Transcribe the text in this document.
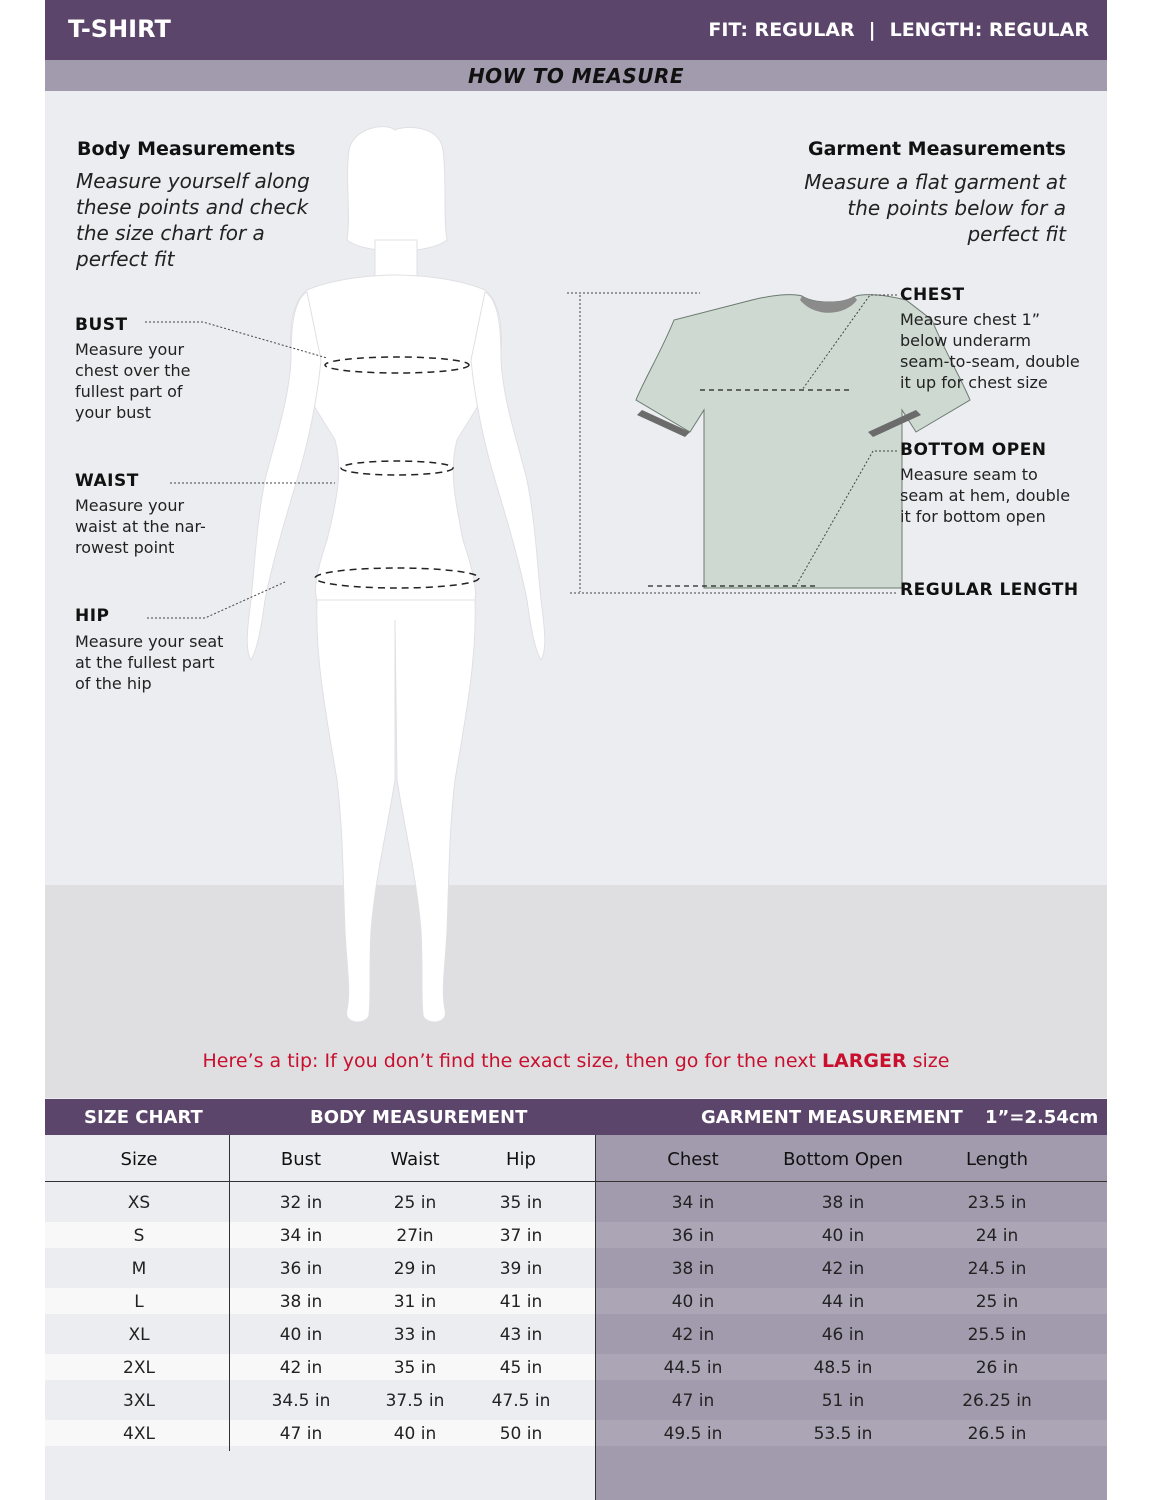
T-SHIRT	FIT: REGULAR | LENGTH: REGULAR
HOW TO MEASURE
Body Measurements
Measure yourself along
these points and check
the size chart for a
perfect fit
BUST
Measure your
chest over the
fullest part of
your bust
WAIST
Measure your
waist at the nar-
rowest point
HIP
Measure your seat
at the fullest part
of the hip
Garment Measurements
Measure a flat garment at
the points below for a
perfect fit
CHEST
Measure chest 1”
below underarm
seam-to-seam, double
it up for chest size
BOTTOM OPEN
Measure seam to
seam at hem, double
it for bottom open
REGULAR LENGTH
Here’s a tip: If you don’t find the exact size, then go for the next LARGER size
SIZE CHART	BODY MEASUREMENT	GARMENT MEASUREMENT 1”=2.54cm
Size	Bust	Waist	Hip	Chest	Bottom Open	Length
XS	32 in	25 in	35 in	34 in	38 in	23.5 in
S	34 in	27in	37 in	36 in	40 in	24 in
M	36 in	29 in	39 in	38 in	42 in	24.5 in
L	38 in	31 in	41 in	40 in	44 in	25 in
XL	40 in	33 in	43 in	42 in	46 in	25.5 in
2XL	42 in	35 in	45 in	44.5 in	48.5 in	26 in
3XL	34.5 in	37.5 in	47.5 in	47 in	51 in	26.25 in
4XL	47 in	40 in	50 in	49.5 in	53.5 in	26.5 in
